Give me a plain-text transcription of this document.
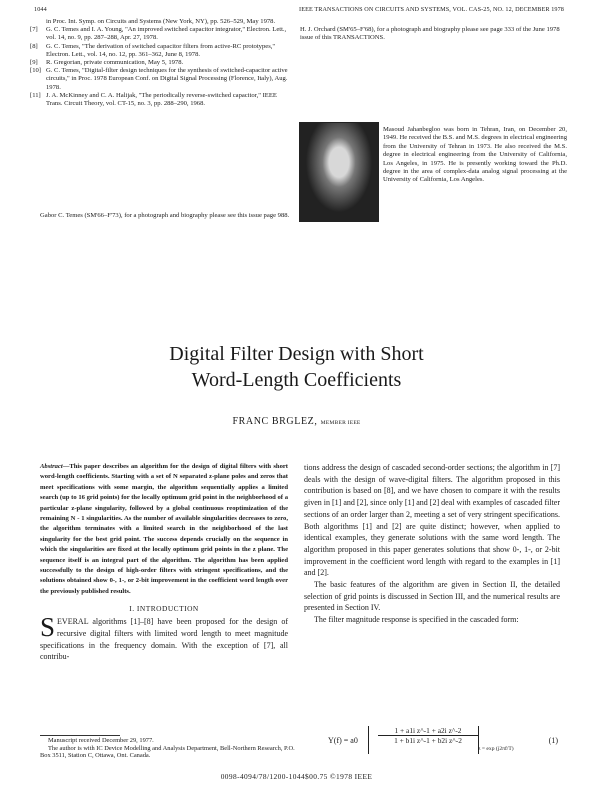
1044	IEEE TRANSACTIONS ON CIRCUITS AND SYSTEMS, VOL. CAS-25, NO. 12, DECEMBER 1978
in Proc. Int. Symp. on Circuits and Systems (New York, NY), pp. 526–529, May 1978.
[7] G. C. Temes and I. A. Young, "An improved switched capacitor integrator," Electron. Lett., vol. 14, no. 9, pp. 287–288, Apr. 27, 1978.
[8] G. C. Temes, "The derivation of switched capacitor filters from active-RC prototypes," Electron. Lett., vol. 14, no. 12, pp. 361–362, June 8, 1978.
[9] R. Gregorian, private communication, May 5, 1978.
[10] G. C. Temes, "Digital-filter design techniques for the synthesis of switched-capacitor active circuits," in Proc. 1978 European Conf. on Digital Signal Processing (Florence, Italy), Aug. 1978.
[11] J. A. McKinney and C. A. Halijak, "The periodically reverse-switched capacitor," IEEE Trans. Circuit Theory, vol. CT-15, no. 3, pp. 288–290, 1968.
Gabor C. Temes (SM'66–F'73), for a photograph and biography please see this issue page 988.
H. J. Orchard (SM'65–F'68), for a photograph and biography please see page 333 of the June 1978 issue of this TRANSACTIONS.
Masoud Jahanbegloo was born in Tehran, Iran, on December 20, 1949. He received the B.S. and M.S. degrees in electrical engineering from the University of Tehran in 1973. He also received the M.S. degree in electrical engineering from the University of California, Los Angeles, in 1975. He is presently working toward the Ph.D. degree in the area of complex-data analog signal processing at the University of California, Los Angeles.
Digital Filter Design with Short
Word-Length Coefficients
FRANC BRGLEZ, MEMBER IEEE
Abstract—This paper describes an algorithm for the design of digital filters with short word-length coefficients. Starting with a set of N separated z-plane poles and zeros that meet specifications with some margin, the algorithm sequentially applies a limited search (up to 16 grid points) for the locally optimum grid point in the neighborhood of a particular z-plane singularity, followed by a global continuous reoptimization of the remaining N - 1 singularities. As the number of available singularities decreases to zero, the algorithm terminates with a limited search in the neighborhood of the last singularity for the best grid point. The success depends crucially on the sequence in which the singularities are fixed at the locally optimum grid points in the z plane. The sequence itself is an integral part of the algorithm. The algorithm has been applied successfully to the design of high-order filters with stringent specifications, and the solutions obtained show 0-, 1-, or 2-bit improvement in the coefficient word length over the previously published results.
I. INTRODUCTION
SEVERAL algorithms [1]–[8] have been proposed for the design of recursive digital filters with limited word length to meet magnitude specifications in the frequency domain. With the exception of [7], all contribu-
Manuscript received December 29, 1977.
The author is with IC Device Modelling and Analysis Department, Bell-Northern Research, P.O. Box 3511, Station C, Ottawa, Ont. Canada.

tions address the design of cascaded second-order sections; the algorithm in [7] deals with the design of wave-digital filters. The algorithm proposed in this contribution is based on [8], and we have chosen to compare it with the results given in [1] and [2], since only [1] and [2] deal with examples of cascaded filter sections of an order larger than 2, meeting a set of very stringent specifications. Both algorithms [1] and [2] are quite distinct; however, when applied to identical examples, they generate solutions with the same word length. The algorithm proposed in this paper generates solutions that show 0-, 1-, or 2-bit improvement in the coefficient word length with regard to the examples in [1] and [2].

The basic features of the algorithm are given in Section II, the detailed selection of grid points is discussed in Section III, and the numerical results are presented in Section IV.

The filter magnitude response is specified in the cascaded form:

Y(f) = a0	$\frac{\text{1 + a1i z\textasciicircum{}-1 + a2i z\textasciicircum{}-2}}{\text{1 + b1i z\textasciicircum{}-1 + b2i z\textasciicircum{}-2}}$
z = exp (j2πf/T)
(1)
0098-4094/78/1200-1044$00.75 ©1978 IEEE
